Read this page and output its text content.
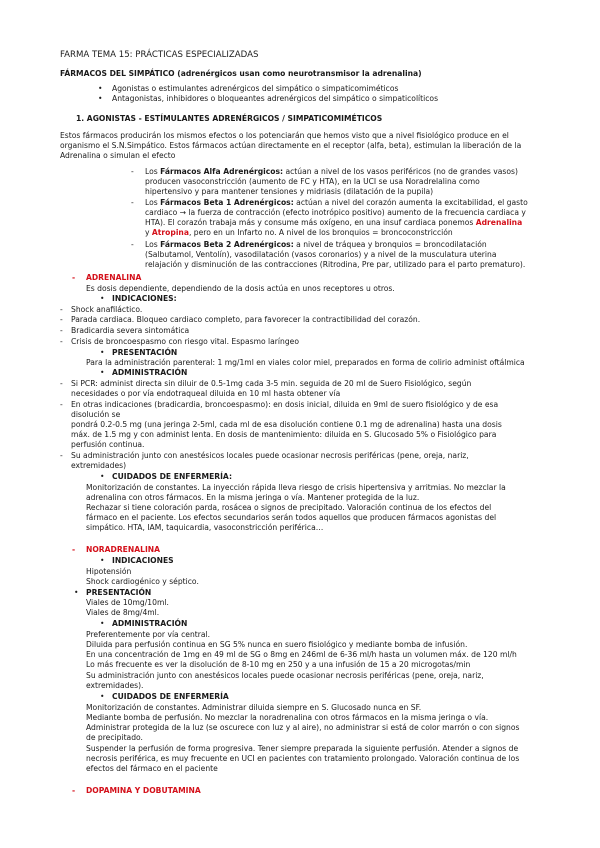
FARMA TEMA 15: PRÁCTICAS ESPECIALIZADAS
FÁRMACOS DEL SIMPÁTICO (adrenérgicos usan como neurotransmisor la adrenalina)
• Agonistas o estimulantes adrenérgicos del simpático o simpaticomiméticos
• Antagonistas, inhibidores o bloqueantes adrenérgicos del simpático o simpaticolíticos
1. AGONISTAS - ESTÍMULANTES ADRENÉRGICOS / SIMPATICOMIMÉTICOS
Estos fármacos producirán los mismos efectos o los potenciarán que hemos visto que a nivel fisiológico produce en el
organismo el S.N.Simpático. Estos fármacos actúan directamente en el receptor (alfa, beta), estimulan la liberación de la
Adrenalina o simulan el efecto
- Los Fármacos Alfa Adrenérgicos: actúan a nivel de los vasos periféricos (no de grandes vasos)
producen vasoconstricción (aumento de FC y HTA), en la UCI se usa Noradrelalina como
hipertensivo y para mantener tensiones y midriasis (dilatación de la pupila)
- Los Fármacos Beta 1 Adrenérgicos: actúan a nivel del corazón aumenta la excitabilidad, el gasto
cardiaco → la fuerza de contracción (efecto inotrópico positivo) aumento de la frecuencia cardiaca y
HTA). El corazón trabaja más y consume más oxígeno, en una insuf cardiaca ponemos Adrenalina
y Atropina, pero en un Infarto no. A nivel de los bronquios = broncoconstricción
- Los Fármacos Beta 2 Adrenérgicos: a nivel de tráquea y bronquios = broncodilatación
(Salbutamol, Ventolín), vasodilatación (vasos coronarios) y a nivel de la musculatura uterina
relajación y disminución de las contracciones (Ritrodina, Pre par, utilizado para el parto prematuro).
- ADRENALINA
Es dosis dependiente, dependiendo de la dosis actúa en unos receptores u otros.
• INDICACIONES:
- Shock anafiláctico.
- Parada cardiaca. Bloqueo cardiaco completo, para favorecer la contractibilidad del corazón.
- Bradicardia severa sintomática
- Crisis de broncoespasmo con riesgo vital. Espasmo laríngeo
• PRESENTACIÓN
Para la administración parenteral: 1 mg/1ml en viales color miel, preparados en forma de colirio administ oftálmica
• ADMINISTRACIÓN
- Si PCR: administ directa sin diluir de 0.5-1mg cada 3-5 min. seguida de 20 ml de Suero Fisiológico, según
necesidades o por vía endotraqueal diluida en 10 ml hasta obtener vía
- En otras indicaciones (bradicardia, broncoespasmo): en dosis inicial, diluida en 9ml de suero fisiológico y de esa
disolución se
pondrá 0.2-0.5 mg (una jeringa 2-5ml, cada ml de esa disolución contiene 0.1 mg de adrenalina) hasta una dosis
máx. de 1.5 mg y con administ lenta. En dosis de mantenimiento: diluida en S. Glucosado 5% o Fisiológico para
perfusión continua.
- Su administración junto con anestésicos locales puede ocasionar necrosis periféricas (pene, oreja, nariz,
extremidades)
• CUIDADOS DE ENFERMERÍA:
Monitorización de constantes. La inyección rápida lleva riesgo de crisis hipertensiva y arritmias. No mezclar la
adrenalina con otros fármacos. En la misma jeringa o vía. Mantener protegida de la luz.
Rechazar si tiene coloración parda, rosácea o signos de precipitado. Valoración continua de los efectos del
fármaco en el paciente. Los efectos secundarios serán todos aquellos que producen fármacos agonistas del
simpático. HTA, IAM, taquicardia, vasoconstricción periférica…
- NORADRENALINA
• INDICACIONES
Hipotensión
Shock cardiogénico y séptico.
• PRESENTACIÓN
Viales de 10mg/10ml.
Viales de 8mg/4ml.
• ADMINISTRACIÓN
Preferentemente por vía central.
Diluida para perfusión continua en SG 5% nunca en suero fisiológico y mediante bomba de infusión.
En una concentración de 1mg en 49 ml de SG o 8mg en 246ml de 6-36 ml/h hasta un volumen máx. de 120 ml/h
Lo más frecuente es ver la disolución de 8-10 mg en 250 y a una infusión de 15 a 20 microgotas/min
Su administración junto con anestésicos locales puede ocasionar necrosis periféricas (pene, oreja, nariz,
extremidades).
• CUIDADOS DE ENFERMERÍA
Monitorización de constantes. Administrar diluida siempre en S. Glucosado nunca en SF.
Mediante bomba de perfusión. No mezclar la noradrenalina con otros fármacos en la misma jeringa o vía.
Administrar protegida de la luz (se oscurece con luz y al aire), no administrar si está de color marrón o con signos
de precipitado.
Suspender la perfusión de forma progresiva. Tener siempre preparada la siguiente perfusión. Atender a signos de
necrosis periférica, es muy frecuente en UCI en pacientes con tratamiento prolongado. Valoración continua de los
efectos del fármaco en el paciente
- DOPAMINA Y DOBUTAMINA
